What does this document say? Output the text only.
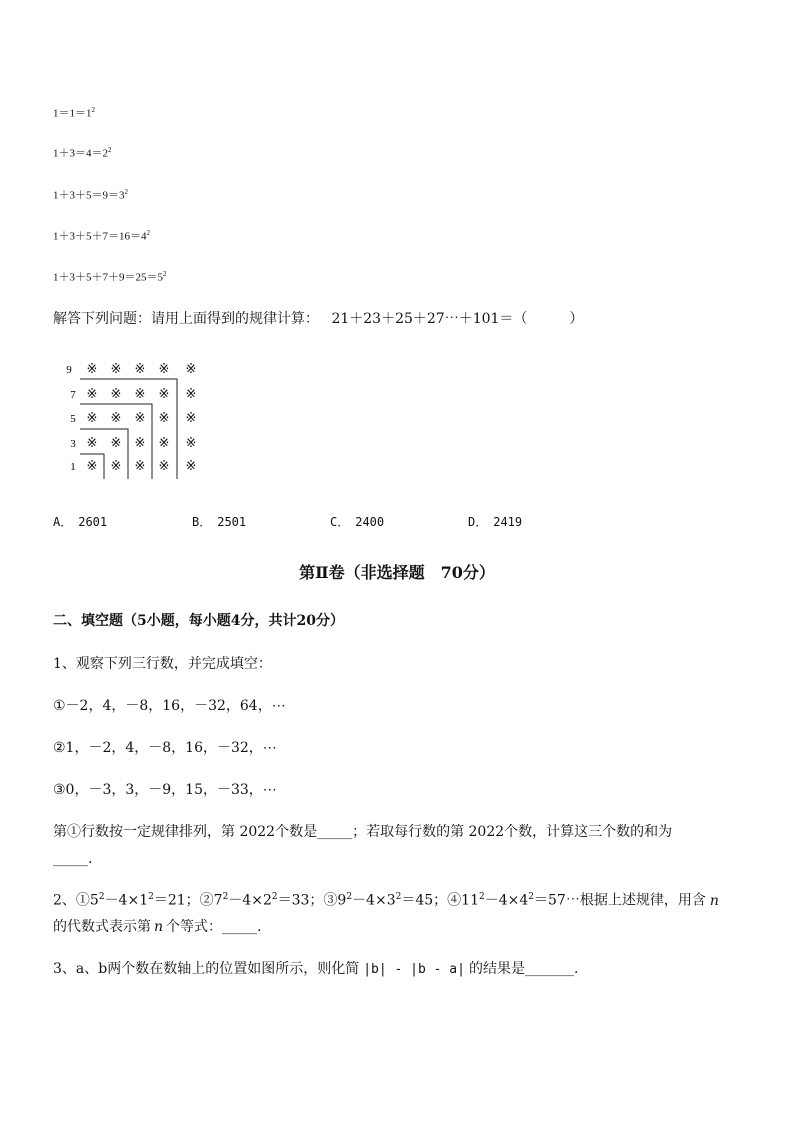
$1=1=1^2$
$1+3=4=2^2$
$1+3+5=9=3^2$
$1+3+5+7=16=4^2$
$1+3+5+7+9=25=5^2$
解答下列问题：请用上面得到的规律计算： 21＋23＋25＋27⋯＋101＝（　　　）
9
7
5
3
1
※ ※ ※ ※ ※
※ ※ ※ ※ ※
※ ※ ※ ※ ※
※ ※ ※ ※ ※
※ ※ ※ ※ ※
A． 2601	B． 2501	C． 2400	D． 2419
第Ⅱ卷（非选择题　70分）
二、填空题（5小题，每小题4分，共计20分）
1、观察下列三行数，并完成填空：
①－2，4，－8，16，－32，64，⋯
②1，－2，4，－8，16，－32，⋯
③0，－3，3，－9，15，－33，⋯
第①行数按一定规律排列，第 2022个数是_____；若取每行数的第 2022个数，计算这三个数的和为
_____.
2、$①5^2-4\times 1^2=21$；$②7^2-4\times 2^2=33$；$③9^2-4\times 3^2=45$；$④11^2-4\times 4^2=57\cdots$根据上述规律，用含 n
的代数式表示第 n 个等式：_____.
3、a、b两个数在数轴上的位置如图所示，则化简 |b| - |b - a| 的结果是_______.
